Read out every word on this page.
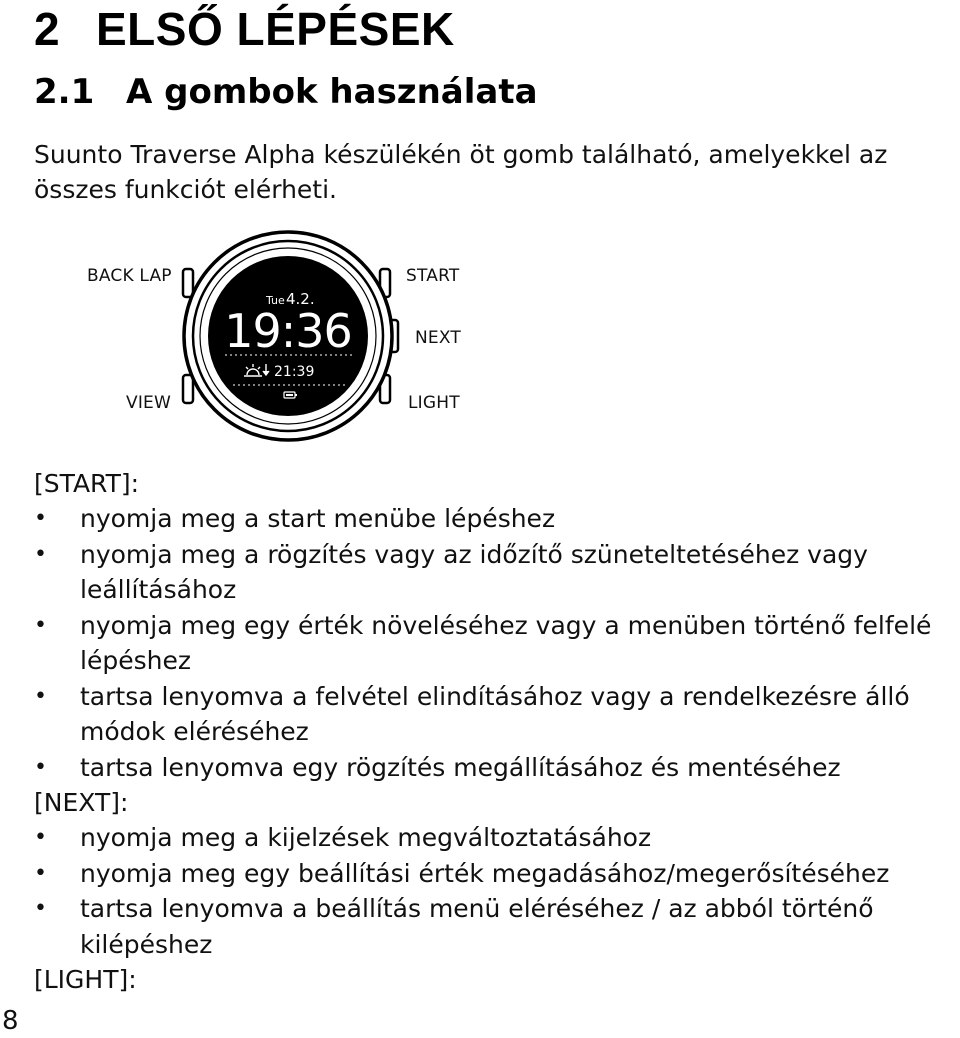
2 ELSŐ LÉPÉSEK
2.1 A gombok használata

Suunto Traverse Alpha készülékén öt gomb található, amelyekkel az összes funkciót elérheti.

Tue 4.2.
19:36
21:39
BACK LAP	START
NEXT
VIEW	LIGHT

[START]:

• nyomja meg a start menübe lépéshez
• nyomja meg a rögzítés vagy az időzítő szüneteltetéséhez vagy leállításához
• nyomja meg egy érték növeléséhez vagy a menüben történő felfelé lépéshez
• tartsa lenyomva a felvétel elindításához vagy a rendelkezésre álló módok eléréséhez
• tartsa lenyomva egy rögzítés megállításához és mentéséhez

[NEXT]:

• nyomja meg a kijelzések megváltoztatásához
• nyomja meg egy beállítási érték megadásához/megerősítéséhez
• tartsa lenyomva a beállítás menü eléréséhez / az abból történő kilépéshez

[LIGHT]:

8
